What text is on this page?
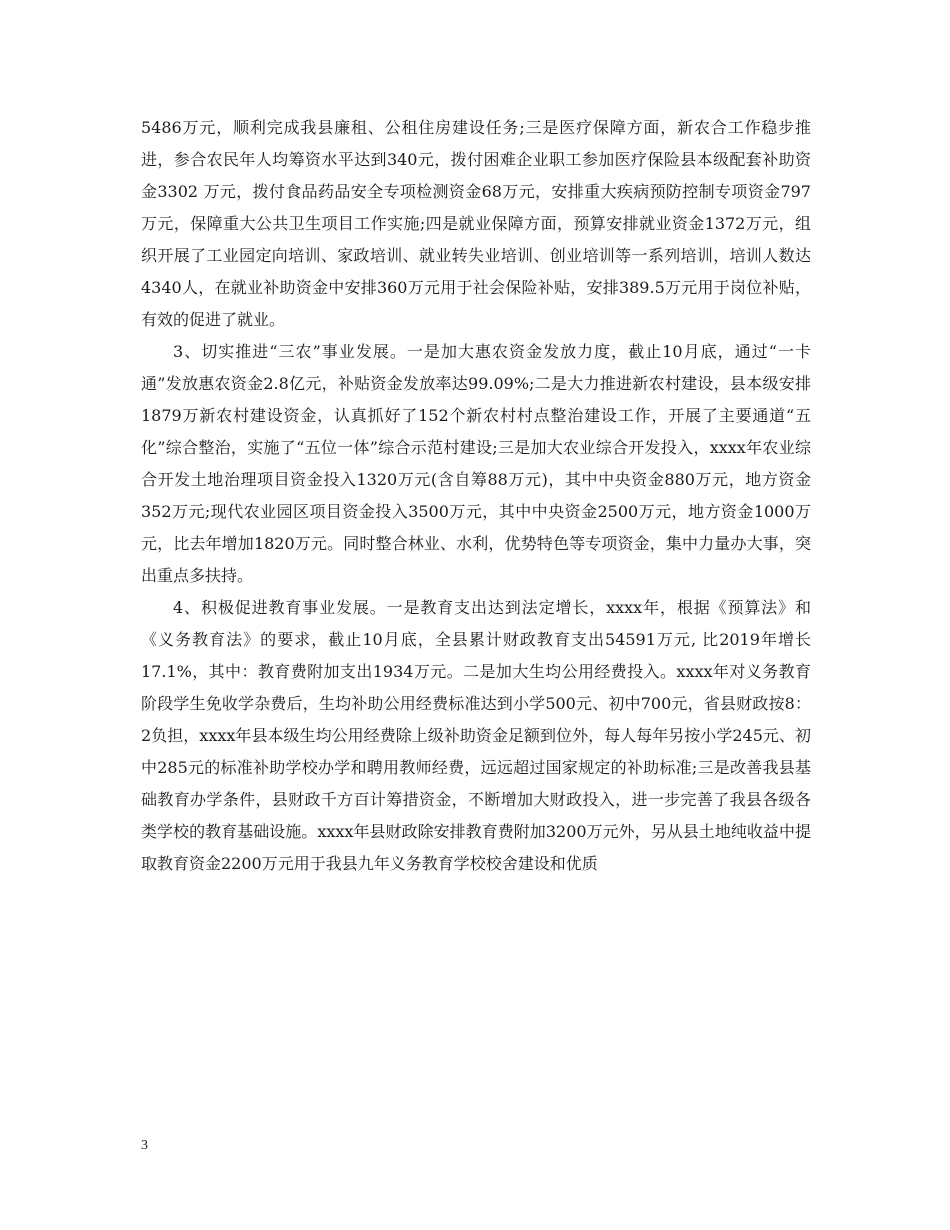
5486万元，顺利完成我县廉租、公租住房建设任务;三是医疗保障方面，新农合工作稳步推进，参合农民年人均筹资水平达到340元，拨付困难企业职工参加医疗保险县本级配套补助资金3302 万元，拨付食品药品安全专项检测资金68万元，安排重大疾病预防控制专项资金797万元，保障重大公共卫生项目工作实施;四是就业保障方面，预算安排就业资金1372万元，组织开展了工业园定向培训、家政培训、就业转失业培训、创业培训等一系列培训，培训人数达4340人，在就业补助资金中安排360万元用于社会保险补贴，安排389.5万元用于岗位补贴，有效的促进了就业。

3、切实推进“三农”事业发展。一是加大惠农资金发放力度，截止10月底，通过“一卡通”发放惠农资金2.8亿元，补贴资金发放率达99.09%;二是大力推进新农村建设，县本级安排1879万新农村建设资金，认真抓好了152个新农村村点整治建设工作，开展了主要通道“五化”综合整治，实施了“五位一体”综合示范村建设;三是加大农业综合开发投入，xxxx年农业综合开发土地治理项目资金投入1320万元(含自筹88万元)，其中中央资金880万元，地方资金352万元;现代农业园区项目资金投入3500万元，其中中央资金2500万元，地方资金1000万元，比去年增加1820万元。同时整合林业、水利，优势特色等专项资金，集中力量办大事，突出重点多扶持。

4、积极促进教育事业发展。一是教育支出达到法定增长，xxxx年，根据《预算法》和《义务教育法》的要求，截止10月底，全县累计财政教育支出54591万元, 比2019年增长17.1%，其中：教育费附加支出1934万元。二是加大生均公用经费投入。xxxx年对义务教育阶段学生免收学杂费后，生均补助公用经费标准达到小学500元、初中700元，省县财政按8：2负担，xxxx年县本级生均公用经费除上级补助资金足额到位外，每人每年另按小学245元、初中285元的标准补助学校办学和聘用教师经费，远远超过国家规定的补助标准;三是改善我县基础教育办学条件，县财政千方百计筹措资金，不断增加大财政投入，进一步完善了我县各级各类学校的教育基础设施。xxxx年县财政除安排教育费附加3200万元外，另从县土地纯收益中提取教育资金2200万元用于我县九年义务教育学校校舍建设和优质

3
